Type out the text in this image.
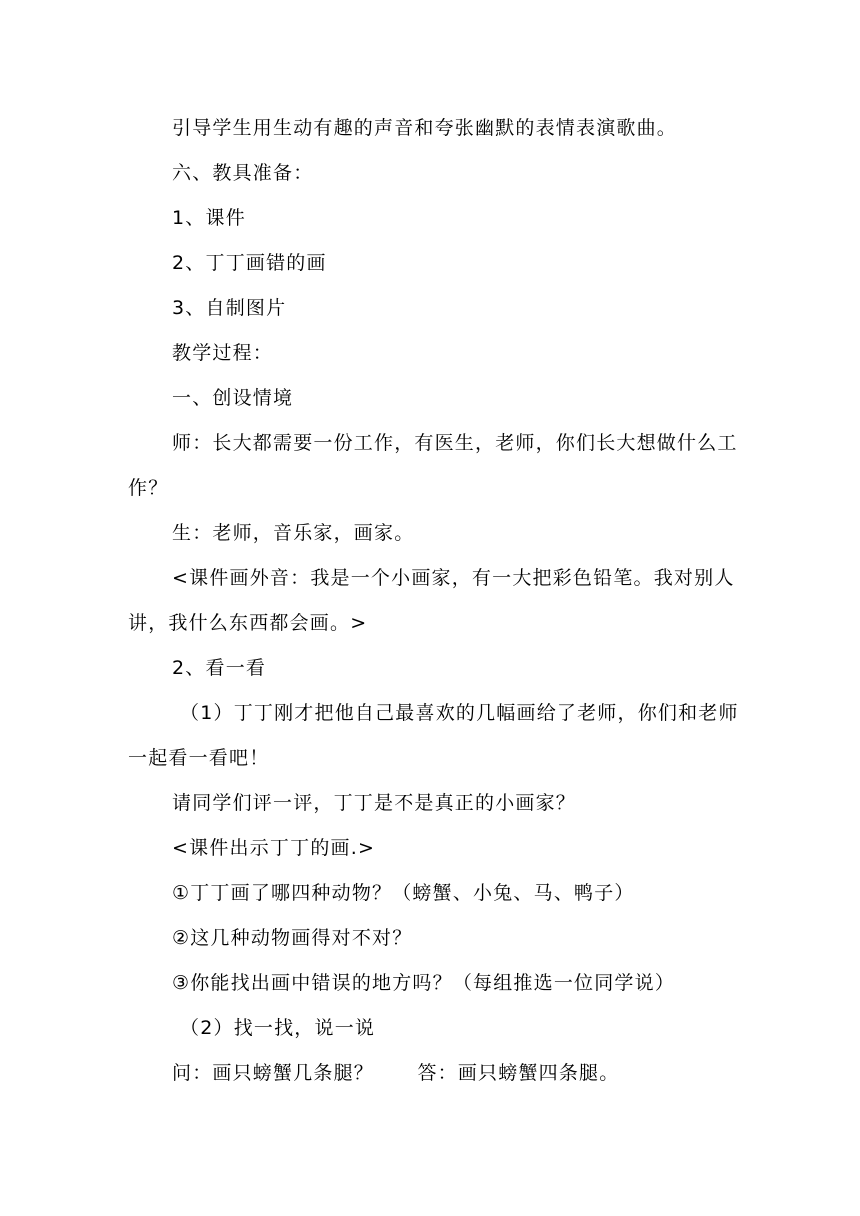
引导学生用生动有趣的声音和夸张幽默的表情表演歌曲。
六、教具准备：
1、课件
2、丁丁画错的画
3、自制图片
教学过程：
一、创设情境
师：长大都需要一份工作，有医生，老师，你们长大想做什么工
作？
生：老师，音乐家，画家。
<课件画外音：我是一个小画家，有一大把彩色铅笔。我对别人
讲，我什么东西都会画。>
2、看一看
（1）丁丁刚才把他自己最喜欢的几幅画给了老师，你们和老师
一起看一看吧！
请同学们评一评，丁丁是不是真正的小画家？
<课件出示丁丁的画.>
①丁丁画了哪四种动物？（螃蟹、小兔、马、鸭子）
②这几种动物画得对不对？
③你能找出画中错误的地方吗？（每组推选一位同学说）
（2）找一找，说一说
问：画只螃蟹几条腿？      答：画只螃蟹四条腿。
